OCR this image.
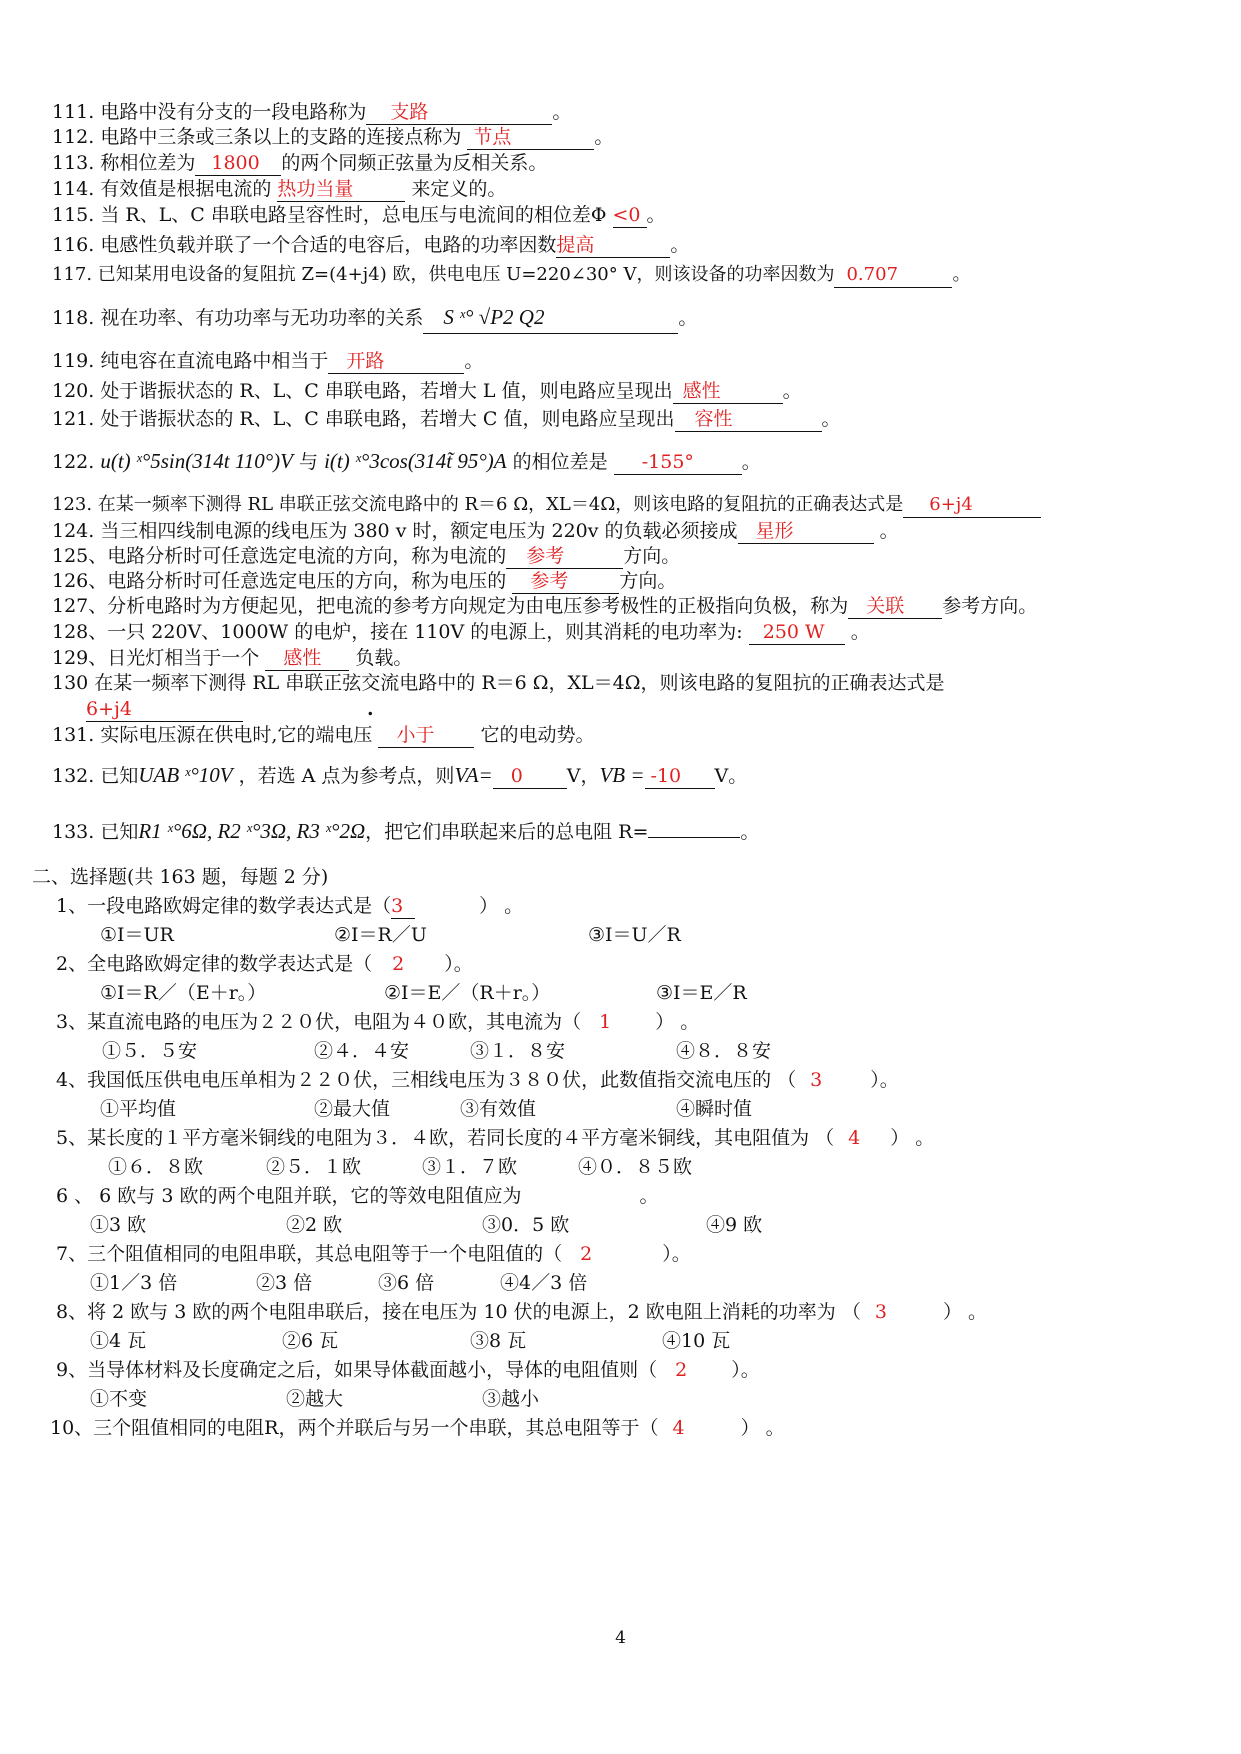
111. 电路中没有分支的一段电路称为 支路	。
112. 电路中三条或三条以上的支路的连接点称为 节点	。
113. 称相位差为 1800 的两个同频正弦量为反相关系。
114. 有效值是根据电流的 热功当量	来定义的。
115. 当 R、L、C 串联电路呈容性时，总电压与电流间的相位差Φ <0 。
116. 电感性负载并联了一个合适的电容后，电路的功率因数提高	。
117. 已知某用电设备的复阻抗 Z=(4+j4) 欧，供电电压 U=220∠30° V，则该设备的功率因数为 0.707	。
118. 视在功率、有功功率与无功功率的关系 S ˣ° √P2 Q2	。
119. 纯电容在直流电路中相当于 开路	。
120. 处于谐振状态的 R、L、C 串联电路，若增大 L 值，则电路应呈现出 感性	。
121. 处于谐振状态的 R、L、C 串联电路，若增大 C 值，则电路应呈现出 容性	。
122. u(t) ˣ°5sin(314t 110°)V 与 i(t) ˣ°3cos(314t̃ 95°)A 的相位差是 -155°	。
123. 在某一频率下测得 RL 串联正弦交流电路中的 R＝6 Ω，XL＝4Ω，则该电路的复阻抗的正确表达式是 6+j4
124. 当三相四线制电源的线电压为 380 v 时，额定电压为 220v 的负载必须接成 星形	。
125、电路分析时可任意选定电流的方向，称为电流的 参考	方向。
126、电路分析时可任意选定电压的方向，称为电压的 参考	方向。
127、分析电路时为方便起见，把电流的参考方向规定为由电压参考极性的正极指向负极，称为 关联 参考方向。
128、一只 220V、1000W 的电炉，接在 110V 的电源上，则其消耗的电功率为: 250 W 。
129、日光灯相当于一个 感性 负载。
130 在某一频率下测得 RL 串联正弦交流电路中的 R＝6 Ω，XL＝4Ω，则该电路的复阻抗的正确表达式是
6+j4	.
131. 实际电压源在供电时,它的端电压 小于 它的电动势。
132. 已知UAB ˣ°10V ，若选 A 点为参考点，则VA= 0 V，VB = -10 V。
133. 已知R1 ˣ°6Ω, R2 ˣ°3Ω, R3 ˣ°2Ω，把它们串联起来后的总电阻 R=	。
二、选择题(共 163 题，每题 2 分)
1、一段电路欧姆定律的数学表达式是（3	） 。
①I＝UR	②I＝R／U	③I＝U／R
2、全电路欧姆定律的数学表达式是（ 2 ）。
①I＝R／（E＋r。）	②I＝E／（R＋r。）	③I＝E／R
3、某直流电路的电压为２２０伏，电阻为４０欧，其电流为（ 1 ） 。
①５．５安	②４．４安	③１．８安	④８．８安
4、我国低压供电电压单相为２２０伏，三相线电压为３８０伏，此数值指交流电压的 （ 3	）。
①平均值	②最大值	③有效值	④瞬时值
5、某长度的１平方毫米铜线的电阻为３．４欧，若同长度的４平方毫米铜线，其电阻值为 （ 4 ） 。
①６．８欧	②５．１欧	③１．７欧	④０．８５欧
6 、 6 欧与 3 欧的两个电阻并联，它的等效电阻值应为	。
①3 欧	②2 欧	③0．5 欧	④9 欧
7、三个阻值相同的电阻串联，其总电阻等于一个电阻值的（ 2	）。
①1／3 倍	②3 倍	③6 倍	④4／3 倍
8、将 2 欧与 3 欧的两个电阻串联后，接在电压为 10 伏的电源上，2 欧电阻上消耗的功率为 （ 3	） 。
①4 瓦	②6 瓦	③8 瓦	④10 瓦
9、当导体材料及长度确定之后，如果导体截面越小，导体的电阻值则（ 2 ）。
①不变	②越大	③越小
10、三个阻值相同的电阻R，两个并联后与另一个串联，其总电阻等于（ 4	） 。
4
